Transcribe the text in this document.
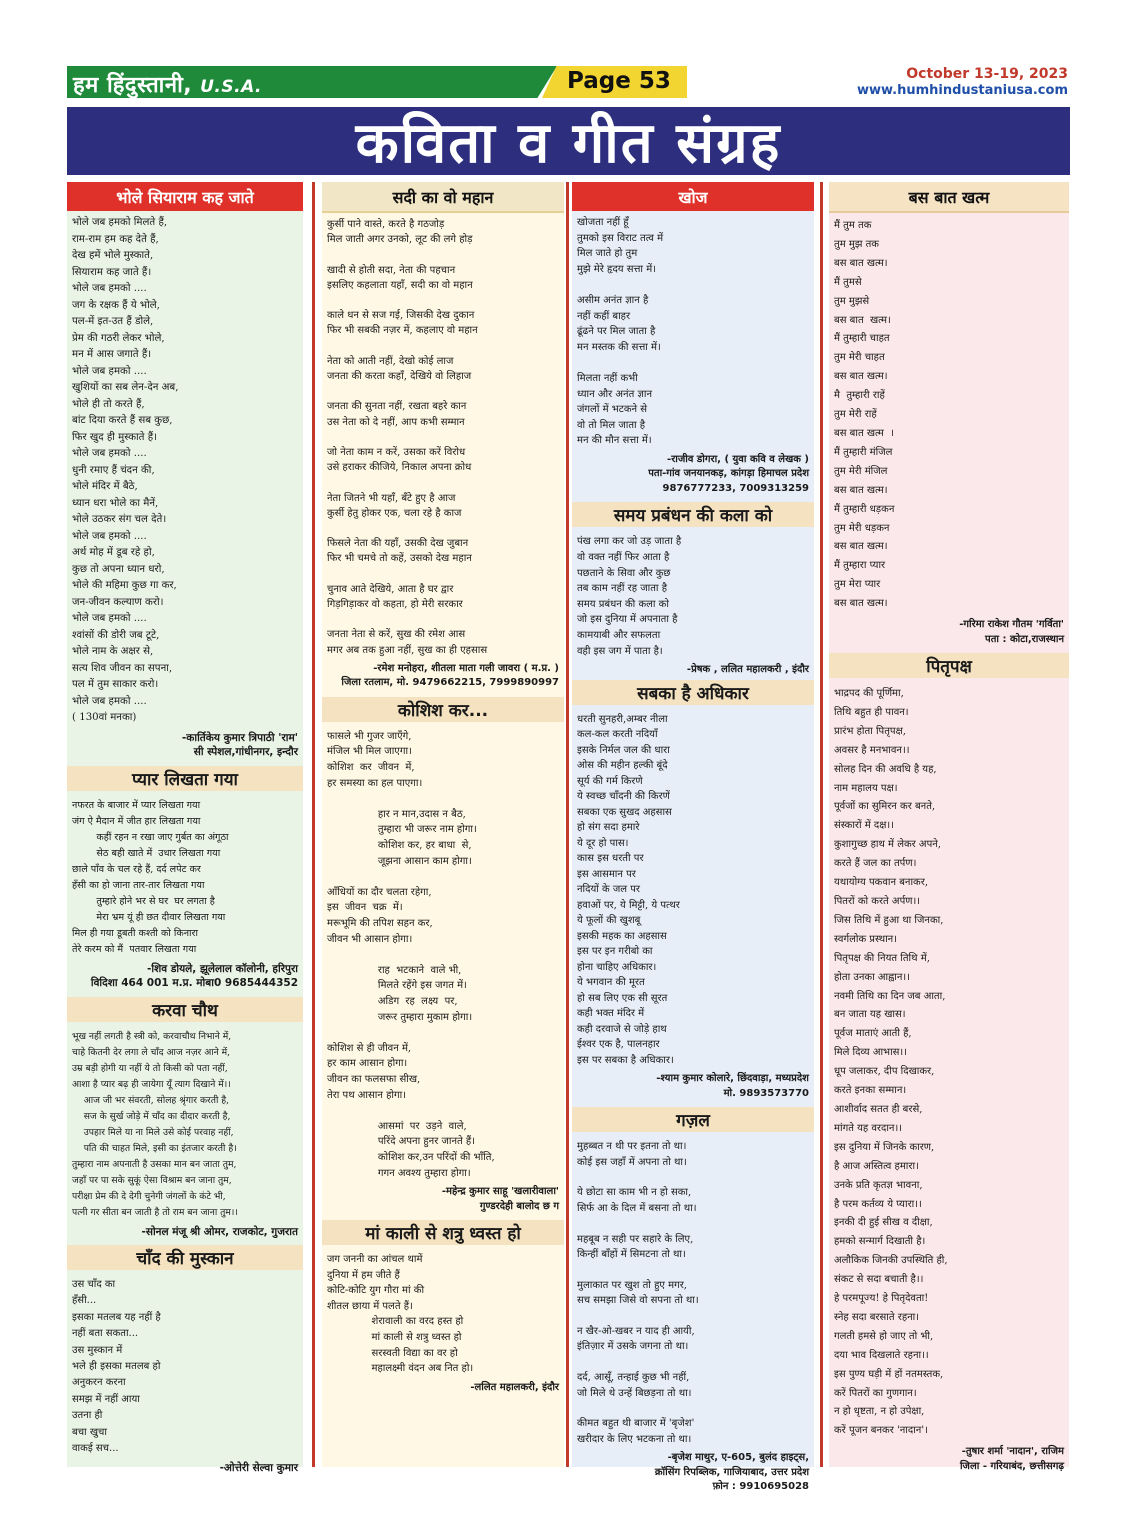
हम हिंदुस्तानी, U.S.A.	Page 53	October 13-19, 2023
www.humhindustaniusa.com
कविता व गीत संग्रह
भोले सियाराम कह जाते
भोले जब हमको मिलते हैं,
राम-राम हम कह देते हैं,
देख हमें भोले मुस्काते,
सियाराम कह जाते हैं।
भोले जब हमको ....
जग के रक्षक हैं ये भोले,
पल-में इत-उत हैं डोले,
प्रेम की गठरी लेकर भोले,
मन में आस जगाते हैं।
भोले जब हमको ....
खुशियों का सब लेन-देन अब,
भोले ही तो करते हैं,
बांट दिया करते हैं सब कुछ,
फिर खुद ही मुस्काते हैं।
भोले जब हमको ....
धुनी रमाए हैं चंदन की,
भोले मंदिर में बैठे,
ध्यान धरा भोले का मैनें,
भोले उठकर संग चल देते।
भोले जब हमको ....
अर्थ मोह में डूब रहे हो,
कुछ तो अपना ध्यान धरो,
भोले की महिमा कुछ गा कर,
जन-जीवन कल्याण करो।
भोले जब हमको ....
श्वांसों की डोरी जब टूटे,
भोले नाम के अक्षर से,
सत्य शिव जीवन का सपना,
पल में तुम साकार करो।
भोले जब हमको ....
( 130वां मनका)
-कार्तिकेय कुमार त्रिपाठी 'राम'
सी स्पेशल,गांधीनगर, इन्दौर
प्यार लिखता गया
नफरत के बाजार में प्यार लिखता गया
जंग ऐ मैदान में जीत हार लिखता गया
कहीं रहन न रखा जाए गुर्बत का अंगूठा
सेठ बही खाते में  उधार लिखता गया
छाले पाँव के चल रहे हैं, दर्द लपेट कर
हँसी का हो जाना तार-तार लिखता गया
तुम्हारे होने भर से घर  घर लगता है
मेरा भ्रम यूं ही छत दीवार लिखता गया
मिल ही गया डूबती कश्ती को किनारा
तेरे करम को मैं  पतवार लिखता गया
-शिव डोयले, झूलेलाल कॉलोनी, हरिपुरा
विदिशा 464 001 म.प्र. मोबा0 9685444352
करवा चौथ
भूख नहीं लगती है स्त्री को, करवाचौथ निभाने में,
चाहे कितनी देर लगा ले चाँद आज नज़र आने में,
उम्र बड़ी होगी या नहीं ये तो किसी को पता नहीं,
आशा है प्यार बढ़ ही जायेगा यूँ त्याग दिखाने में।।
आज जी भर संवरती, सोलह श्रृंगार करती है,
सज के सुर्ख जोड़े में चाँद का दीदार करती है,
उपहार मिले या ना मिले उसे कोई परवाह नहीं,
पति की चाहत मिले, इसी का इंतजार करती है।
तुम्हारा नाम अपनाती है उसका मान बन जाता तुम,
जहाँ पर पा सके सुकूं ऐसा विश्राम बन जाना तुम,
परीक्षा प्रेम की दे देगी चुनेगी जंगलों के कंटे भी,
पत्नी गर सीता बन जाती है तो राम बन जाना तुम।।
-सोनल मंजू श्री ओमर, राजकोट, गुजरात
चाँद की मुस्कान
उस चाँद का
हँसी...
इसका मतलब यह नहीं है
नहीं बता सकता...
उस मुस्कान में
भले ही इसका मतलब हो
अनुकरन करना
समझ में नहीं आया
उतना ही
बचा खुचा
वाकई सच...
-ओत्तेरी सेल्वा कुमार
सदी का वो महान
कुर्सी पाने वास्ते, करते है गठजोड़
मिल जाती अगर उनको, लूट की लगे होड़

खादी से होती सदा, नेता की पहचान
इसलिए कहलाता यहाँ, सदी का वो महान

काले धन से सज गई, जिसकी देख दुकान
फिर भी सबकी नज़र में, कहलाए वो महान

नेता को आती नहीं, देखो कोई लाज
जनता की करता कहाँ, देखिये वो लिहाज

जनता की सुनता नहीं, रखता बहरे कान
उस नेता को दे नहीं, आप कभी सम्मान

जो नेता काम न करें, उसका करें विरोध
उसे हराकर कीजिये, निकाल अपना क्रोध

नेता जितने भी यहाँ, बँटे हुए है आज
कुर्सी हेतु होकर एक, चला रहे है काज

फिसले नेता की यहाँ, उसकी देख जुबान
फिर भी चमचे तो कहें, उसको देख महान

चुनाव आते देखिये, आता है घर द्वार
गिड़गिड़ाकर वो कहता, हो मेरी सरकार

जनता नेता से करें, सुख की रमेश आस
मगर अब तक हुआ नहीं, सुख का ही एहसास
-रमेश मनोहरा, शीतला माता गली जावरा ( म.प्र. )
जिला रतलाम, मो. 9479662215, 7999890997
कोशिश कर...
फासले भी गुजर जाएँगे,
मंजिल भी मिल जाएगा।
कोशिश  कर  जीवन  में,
हर समस्या का हल पाएगा।

हार न मान,उदास न बैठ,
तुम्हारा भी जरूर नाम होगा।
कोशिश कर, हर बाधा  से,
जूझना आसान काम होगा।

आँधियों का दौर चलता रहेगा,
इस  जीवन  चक्र  में।
मरूभूमि की तपिश सहन कर,
जीवन भी आसान होगा।

राह  भटकाने  वाले भी,
मिलते रहेंगे इस जगत में।
अडिग  रह  लक्ष्य  पर,
जरूर तुम्हारा मुकाम होगा।

कोशिश से ही जीवन में,
हर काम आसान होगा।
जीवन का फलसफा सीख,
तेरा पथ आसान होगा।

आसमां  पर  उड़ने  वाले,
परिंदे अपना हुनर जानते हैं।
कोशिश कर,उन परिंदों की भाँति,
गगन अवश्य तुम्हारा होगा।
-महेन्द्र कुमार साहू 'खलारीवाला'
गुण्डरदेही बालोद छ ग
मां काली से शत्रु ध्वस्त हो
जग जननी का आंचल थामें
दुनिया में हम जीते हैं
कोटि-कोटि युग गौरा मां की
शीतल छाया में पलते हैं।
शेरावाली का वरद हस्त हो
मां काली से शत्रु ध्वस्त हो
सरस्वती विद्या का वर हो
महालक्ष्मी वंदन अब नित हो।
-ललित महालकरी, इंदौर
खोज
खोजता नहीं हूँ
तुमको इस विराट तत्व में
मिल जाते हो तुम
मुझे मेरे हृदय सत्ता में।

असीम अनंत ज्ञान है
नहीं कहीं बाहर
ढूंढने पर मिल जाता है
मन मस्तक की सत्ता में।

मिलता नहीं कभी
ध्यान और अनंत ज्ञान
जंगलों में भटकने से
वो तो मिल जाता है
मन की मौन सत्ता में।
-राजीव डोगरा, ( युवा कवि व लेखक )
पता-गांव जनयानकड़, कांगड़ा हिमाचल प्रदेश
9876777233, 7009313259
समय प्रबंधन की कला को
पंख लगा कर जो उड़ जाता है
वो वक्त नहीं फिर आता है
पछताने के सिवा और कुछ
तब काम नहीं रह जाता है
समय प्रबंधन की कला को
जो इस दुनिया में अपनाता है
कामयाबी और सफलता
वही इस जग में पाता है।
-प्रेषक , ललित महालकरी , इंदौर
सबका है अधिकार
धरती सुनहरी,अम्बर नीला
कल-कल करती नदियाँ
इसके निर्मल जल की धारा
ओस की महीन हल्की बूंदे
सूर्य की गर्म किरणे
ये स्वच्छ चाँदनी की किरणें
सबका एक सुखद अहसास
हो संग सदा हमारे
ये दूर हो पास।
कास इस धरती पर
इस आसमान पर
नदियों के जल पर
हवाओं पर, ये मिट्टी, ये पत्थर
ये फूलों की खुशबू
इसकी महक का अहसास
इस पर इन गरीबो का
होना चाहिए अधिकार।
ये भगवान की मूरत
हो सब लिए एक सी सूरत
कही भक्त मंदिर में
कही दरवाजे से जोड़े हाथ
ईश्वर एक है, पालनहार
इस पर सबका है अधिकार।
-श्याम कुमार कोलारे, छिंदवाड़ा, मध्यप्रदेश
मो. 9893573770
गज़ल
मुहब्बत न थी पर इतना तो था।
कोई इस जहाँ में अपना तो था।

ये छोटा सा काम भी न हो सका,
सिर्फ आ के दिल में बसना तो था।

महबूब न सही पर सहारे के लिए,
किन्हीं बाँहों में सिमटना तो था।

मुलाकात पर खुश तो हुए मगर,
सच समझा जिसे वो सपना तो था।

न खैर-ओ-खबर न याद ही आयी,
इंतिज़ार में उसके जगना तो था।

दर्द, आसूँ, तन्हाई कुछ भी नहीं,
जो मिले थे उन्हें बिछड़ना तो था।

कीमत बहुत थी बाजार में 'बृजेश'
खरीदार के लिए भटकना तो था।
-बृजेश माथुर, ए-605, बुलंद हाइट्स,
क्रॉसिंग रिपब्लिक, गाजियाबाद, उत्तर प्रदेश
फ़ोन : 9910695028
बस बात खत्म
मैं तुम तक
तुम मुझ तक
बस बात खत्म।
मैं तुमसे
तुम मुझसे
बस बात  खत्म।
मैं तुम्हारी चाहत
तुम मेरी चाहत
बस बात खत्म।
मै  तुम्हारी राहें
तुम मेरी राहें
बस बात खत्म  ।
मैं तुम्हारी मंजिल
तुम मेरी मंजिल
बस बात खत्म।
मैं तुम्हारी धड़कन
तुम मेरी धड़कन
बस बात खत्म।
मैं तुम्हारा प्यार
तुम मेरा प्यार
बस बात खत्म।
-गरिमा राकेश गौतम 'गर्विता'
पता : कोटा,राजस्थान
पितृपक्ष
भाद्रपद की पूर्णिमा,
तिथि बहुत ही पावन।
प्रारंभ होता पितृपक्ष,
अवसर है मनभावन।।
सोलह दिन की अवधि है यह,
नाम महालय पक्ष।
पूर्वजों का सुमिरन कर बनते,
संस्कारों में दक्ष।।
कुशागुच्छ हाथ में लेकर अपने,
करते हैं जल का तर्पण।
यथायोग्य पकवान बनाकर,
पितरों को करते अर्पण।।
जिस तिथि में हुआ था जिनका,
स्वर्गलोक प्रस्थान।
पितृपक्ष की नियत तिथि में,
होता उनका आह्वान।।
नवमी तिथि का दिन जब आता,
बन जाता यह खास।
पूर्वज माताएं आती हैं,
मिले दिव्य आभास।।
धूप जलाकर, दीप दिखाकर,
करते इनका सम्मान।
आशीर्वाद सतत ही बरसे,
मांगते यह वरदान।।
इस दुनिया में जिनके कारण,
है आज अस्तित्व हमारा।
उनके प्रति कृतज्ञ भावना,
है परम कर्तव्य ये प्यारा।।
इनकी दी हुई सीख व दीक्षा,
हमको सन्मार्ग दिखाती है।
अलौकिक जिनकी उपस्थिति ही,
संकट से सदा बचाती है।।
हे परमपूज्य! हे पितृदेवता!
स्नेह सदा बरसाते रहना।
गलती हमसे हो जाए तो भी,
दया भाव दिखलाते रहना।।
इस पुण्य घड़ी में हों नतमस्तक,
करें पितरों का गुणगान।
न हो धृष्टता, न हो उपेक्षा,
करें पूजन बनकर 'नादान'।
-तुषार शर्मा 'नादान', राजिम
जिला - गरियाबंद, छत्तीसगढ़
